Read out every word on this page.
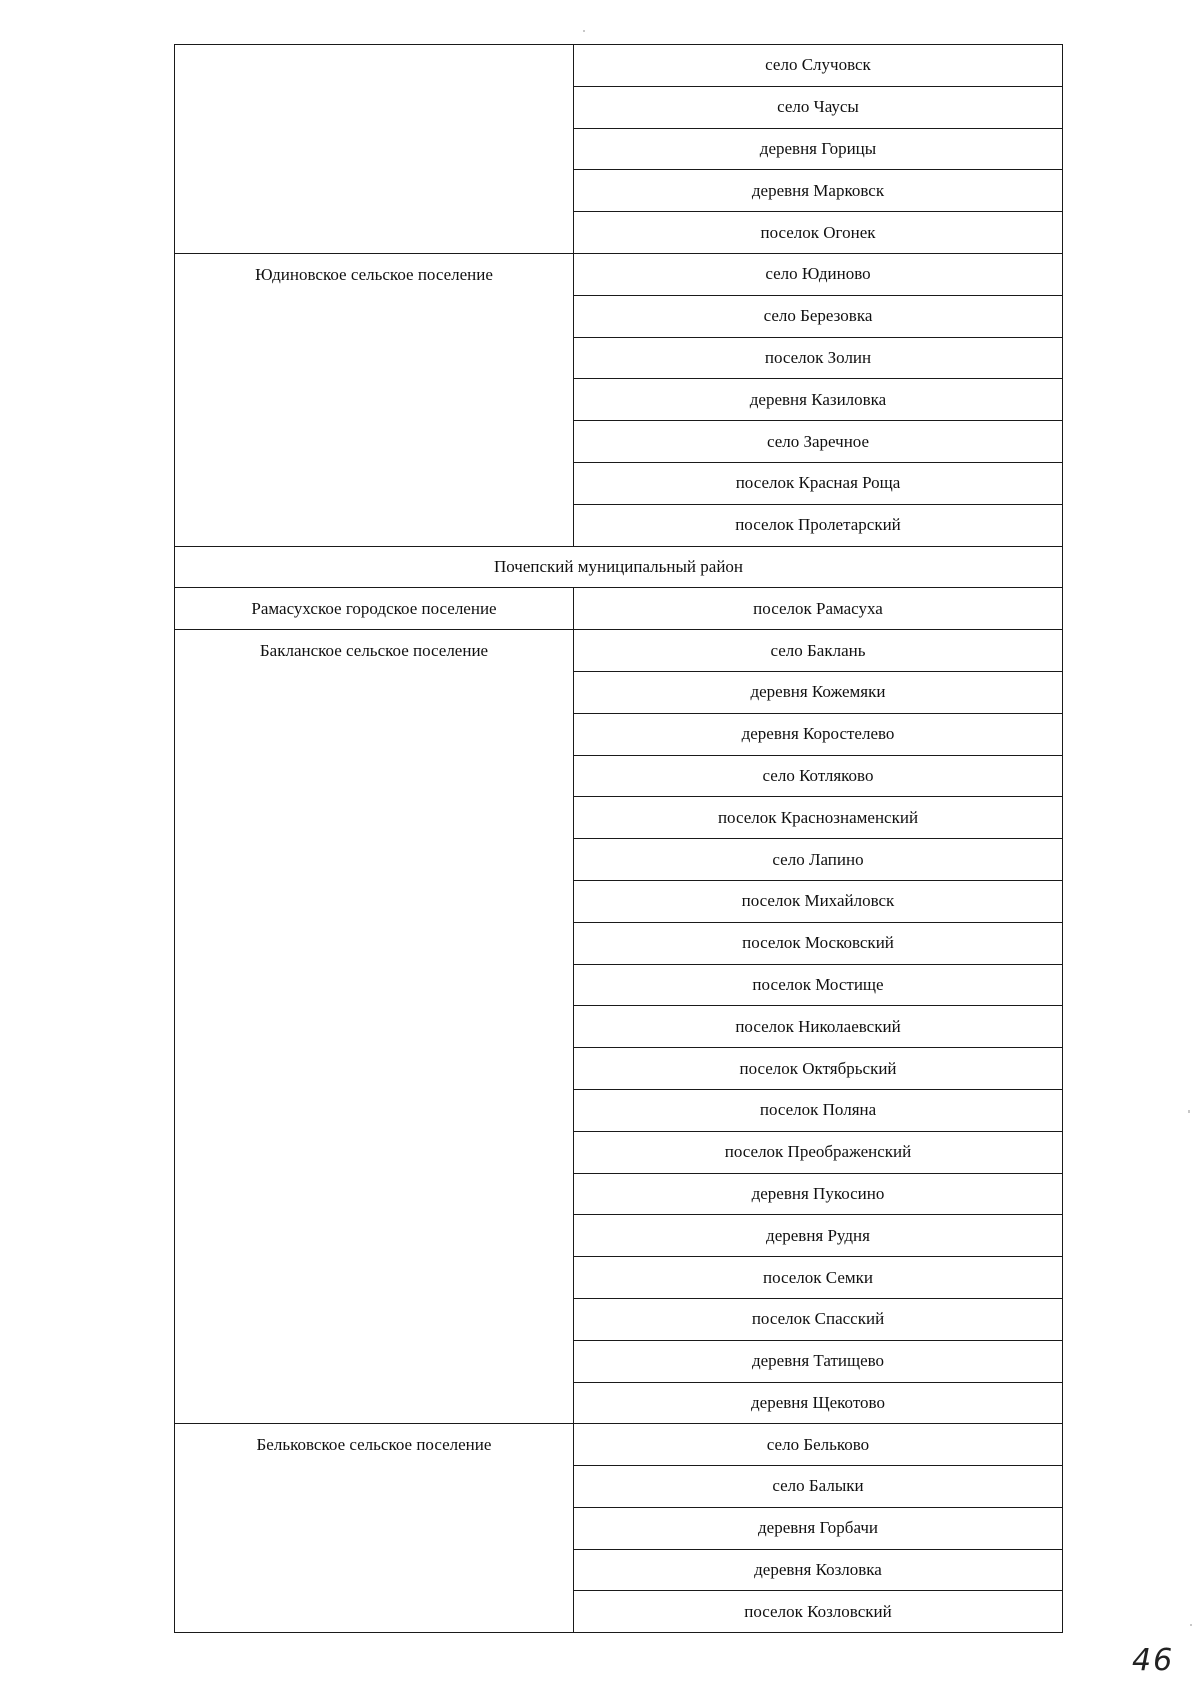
	село Случовск
	село Чаусы
	деревня Горицы
	деревня Марковск
	поселок Огонек
Юдиновское сельское поселение	село Юдиново
	село Березовка
	поселок Золин
	деревня Казиловка
	село Заречное
	поселок Красная Роща
	поселок Пролетарский
Почепский муниципальный район	
Рамасухское городское поселение	поселок Рамасуха
Бакланское сельское поселение	село Баклань
	деревня Кожемяки
	деревня Коростелево
	село Котляково
	поселок Краснознаменский
	село Лапино
	поселок Михайловск
	поселок Московский
	поселок Мостище
	поселок Николаевский
	поселок Октябрьский
	поселок Поляна
	поселок Преображенский
	деревня Пукосино
	деревня Рудня
	поселок Семки
	поселок Спасский
	деревня Татищево
	деревня Щекотово
Бельковское сельское поселение	село Бельково
	село Балыки
	деревня Горбачи
	деревня Козловка
	поселок Козловский
46
